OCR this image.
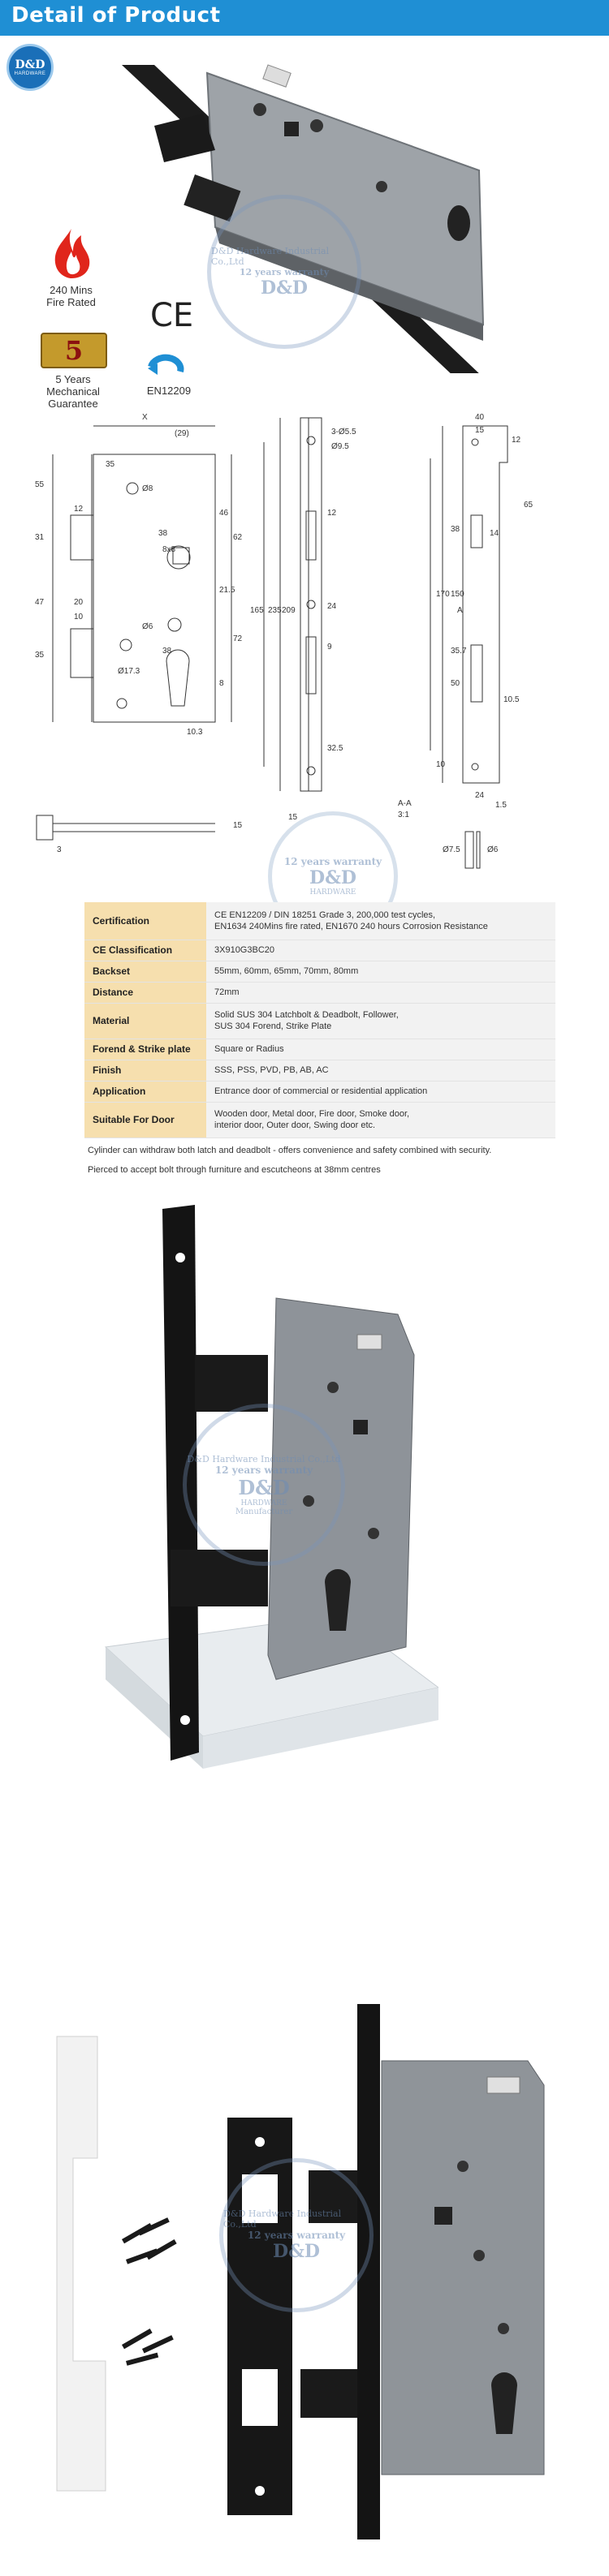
Detail of Product
D&D
HARDWARE
D&D Hardware Industrial Co.,Ltd
12 years warranty
D&D
240 Mins
Fire Rated	CE
5
5 Years
Mechanical
Guarantee
EN12209
X
(29)
35
55
31
47
35
12
20
10
Ø8
38
8x8
46
62
21.5
72
Ø6
Ø17.3
38
8
10.3
235 209
165
15
3-Ø5.5
Ø9.5
12
24
9
32.5
40
15
12
65
14
38
170 150
35.7
50
10.5
24
10
A
A-A
3:1
1.5
Ø7.5	Ø6
15
3
12 years warranty
D&D
HARDWARE
Certification	CE EN12209 / DIN 18251 Grade 3, 200,000 test cycles,
EN1634 240Mins fire rated, EN1670 240 hours Corrosion Resistance
CE Classification	3X910G3BC20
Backset	55mm, 60mm, 65mm, 70mm, 80mm
Distance	72mm
Material	Solid SUS 304 Latchbolt & Deadbolt, Follower,
SUS 304 Forend, Strike Plate
Forend & Strike plate	Square or Radius
Finish	SSS, PSS, PVD, PB, AB, AC
Application	Entrance door of commercial or residential application
Suitable For Door	Wooden door, Metal door, Fire door, Smoke door,
interior door, Outer door, Swing door etc.
Cylinder can withdraw both latch and deadbolt - offers convenience and safety combined with security.
Pierced to accept bolt through furniture and escutcheons at 38mm centres
D&D Hardware Industrial Co.,Ltd
12 years warranty
D&D
HARDWARE
Manufacturer
D&D Hardware Industrial Co.,Ltd
12 years warranty
D&D
